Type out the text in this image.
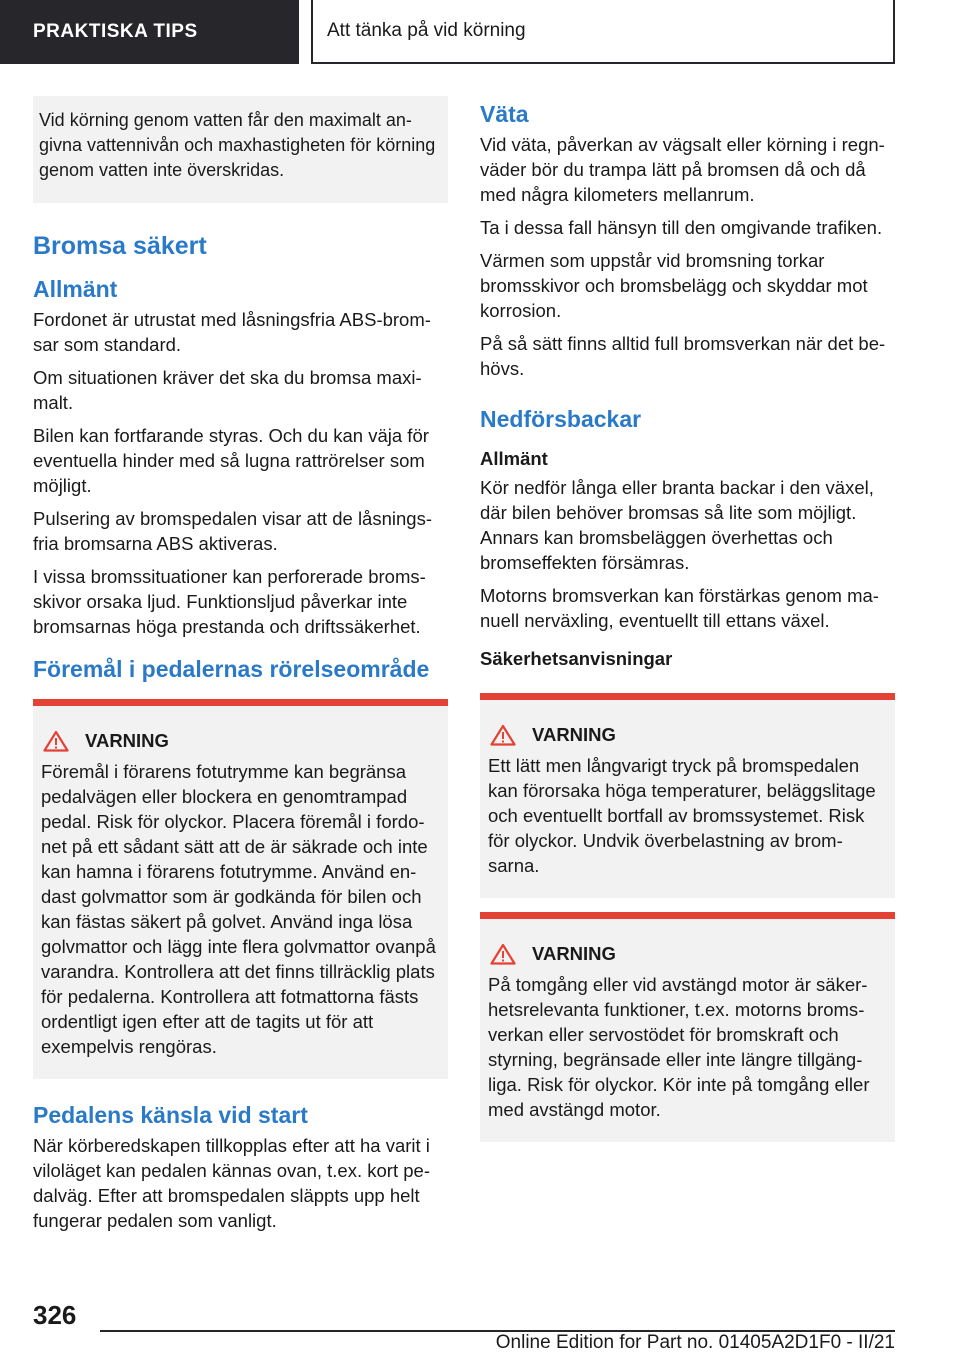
PRAKTISKA TIPS	Att tänka på vid körning
Vid körning genom vatten får den maximalt angivna vattennivån och maxhastigheten för körning genom vatten inte överskridas.
Bromsa säkert
Allmänt

Fordonet är utrustat med låsningsfria ABS-bromsar som standard.

Om situationen kräver det ska du bromsa maximalt.

Bilen kan fortfarande styras. Och du kan väja för eventuella hinder med så lugna rattrörelser som möjligt.

Pulsering av bromspedalen visar att de låsningsfria bromsarna ABS aktiveras.

I vissa bromssituationer kan perforerade bromsskivor orsaka ljud. Funktionsljud påverkar inte bromsarnas höga prestanda och driftssäkerhet.

Föremål i pedalernas rörelseområde
VARNING
Föremål i förarens fotutrymme kan begränsa pedalvägen eller blockera en genomtrampad pedal. Risk för olyckor. Placera föremål i fordonet på ett sådant sätt att de är säkrade och inte kan hamna i förarens fotutrymme. Använd endast golvmattor som är godkända för bilen och kan fästas säkert på golvet. Använd inga lösa golvmattor och lägg inte flera golvmattor ovanpå varandra. Kontrollera att det finns tillräcklig plats för pedalerna. Kontrollera att fotmattorna fästs ordentligt igen efter att de tagits ut för att exempelvis rengöras.
Pedalens känsla vid start

När körberedskapen tillkopplas efter att ha varit i viloläget kan pedalen kännas ovan, t.ex. kort pedalväg. Efter att bromspedalen släppts upp helt fungerar pedalen som vanligt.

Väta

Vid väta, påverkan av vägsalt eller körning i regnväder bör du trampa lätt på bromsen då och då med några kilometers mellanrum.

Ta i dessa fall hänsyn till den omgivande trafiken.

Värmen som uppstår vid bromsning torkar bromsskivor och bromsbelägg och skyddar mot korrosion.

På så sätt finns alltid full bromsverkan när det behövs.

Nedförsbackar
Allmänt

Kör nedför långa eller branta backar i den växel, där bilen behöver bromsas så lite som möjligt. Annars kan bromsbeläggen överhettas och bromseffekten försämras.

Motorns bromsverkan kan förstärkas genom manuell nerväxling, eventuellt till ettans växel.

Säkerhetsanvisningar
VARNING
Ett lätt men långvarigt tryck på bromspedalen kan förorsaka höga temperaturer, beläggslitage och eventuellt bortfall av bromssystemet. Risk för olyckor. Undvik överbelastning av bromsarna.
VARNING
På tomgång eller vid avstängd motor är säkerhetsrelevanta funktioner, t.ex. motorns bromsverkan eller servostödet för bromskraft och styrning, begränsade eller inte längre tillgängliga. Risk för olyckor. Kör inte på tomgång eller med avstängd motor.
326
Online Edition for Part no. 01405A2D1F0 - II/21
